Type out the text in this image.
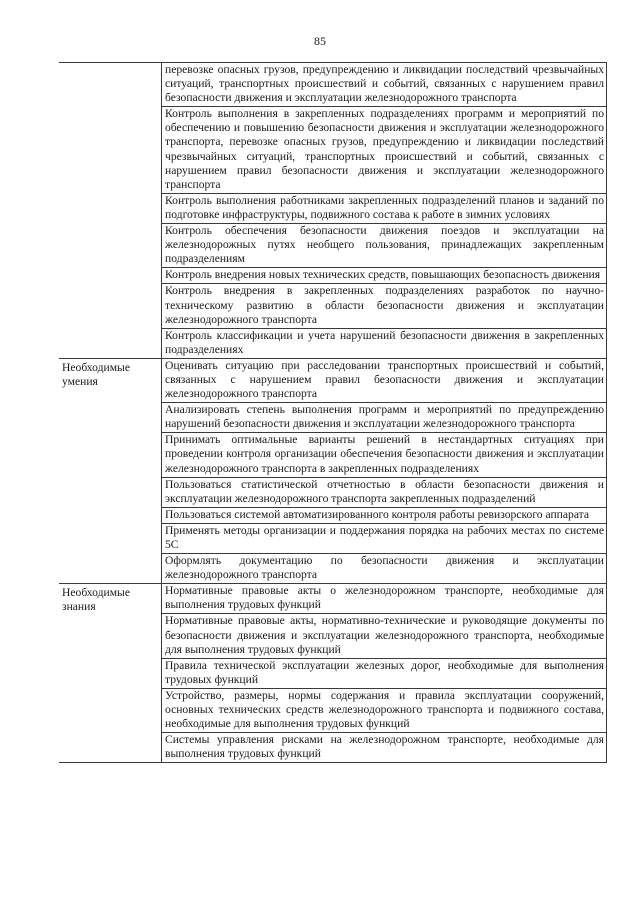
85
	перевозке опасных грузов, предупреждению и ликвидации последствий чрезвычайных ситуаций, транспортных происшествий и событий, связанных с нарушением правил безопасности движения и эксплуатации железнодорожного транспорта
	Контроль выполнения в закрепленных подразделениях программ и мероприятий по обеспечению и повышению безопасности движения и эксплуатации железнодорожного транспорта, перевозке опасных грузов, предупреждению и ликвидации последствий чрезвычайных ситуаций, транспортных происшествий и событий, связанных с нарушением правил безопасности движения и эксплуатации железнодорожного транспорта
	Контроль выполнения работниками закрепленных подразделений планов и заданий по подготовке инфраструктуры, подвижного состава к работе в зимних условиях
	Контроль обеспечения безопасности движения поездов и эксплуатации на железнодорожных путях необщего пользования, принадлежащих закрепленным подразделениям
	Контроль внедрения новых технических средств, повышающих безопасность движения
	Контроль внедрения в закрепленных подразделениях разработок по научно-техническому развитию в области безопасности движения и эксплуатации железнодорожного транспорта
	Контроль классификации и учета нарушений безопасности движения в закрепленных подразделениях
Необходимые умения	Оценивать ситуацию при расследовании транспортных происшествий и событий, связанных с нарушением правил безопасности движения и эксплуатации железнодорожного транспорта
	Анализировать степень выполнения программ и мероприятий по предупреждению нарушений безопасности движения и эксплуатации железнодорожного транспорта
	Принимать оптимальные варианты решений в нестандартных ситуациях при проведении контроля организации обеспечения безопасности движения и эксплуатации железнодорожного транспорта в закрепленных подразделениях
	Пользоваться статистической отчетностью в области безопасности движения и эксплуатации железнодорожного транспорта закрепленных подразделений
	Пользоваться системой автоматизированного контроля работы ревизорского аппарата
	Применять методы организации и поддержания порядка на рабочих местах по системе 5С
	Оформлять документацию по безопасности движения и эксплуатации железнодорожного транспорта
Необходимые знания	Нормативные правовые акты о железнодорожном транспорте, необходимые для выполнения трудовых функций
	Нормативные правовые акты, нормативно-технические и руководящие документы по безопасности движения и эксплуатации железнодорожного транспорта, необходимые для выполнения трудовых функций
	Правила технической эксплуатации железных дорог, необходимые для выполнения трудовых функций
	Устройство, размеры, нормы содержания и правила эксплуатации сооружений, основных технических средств железнодорожного транспорта и подвижного состава, необходимые для выполнения трудовых функций
	Системы управления рисками на железнодорожном транспорте, необходимые для выполнения трудовых функций
